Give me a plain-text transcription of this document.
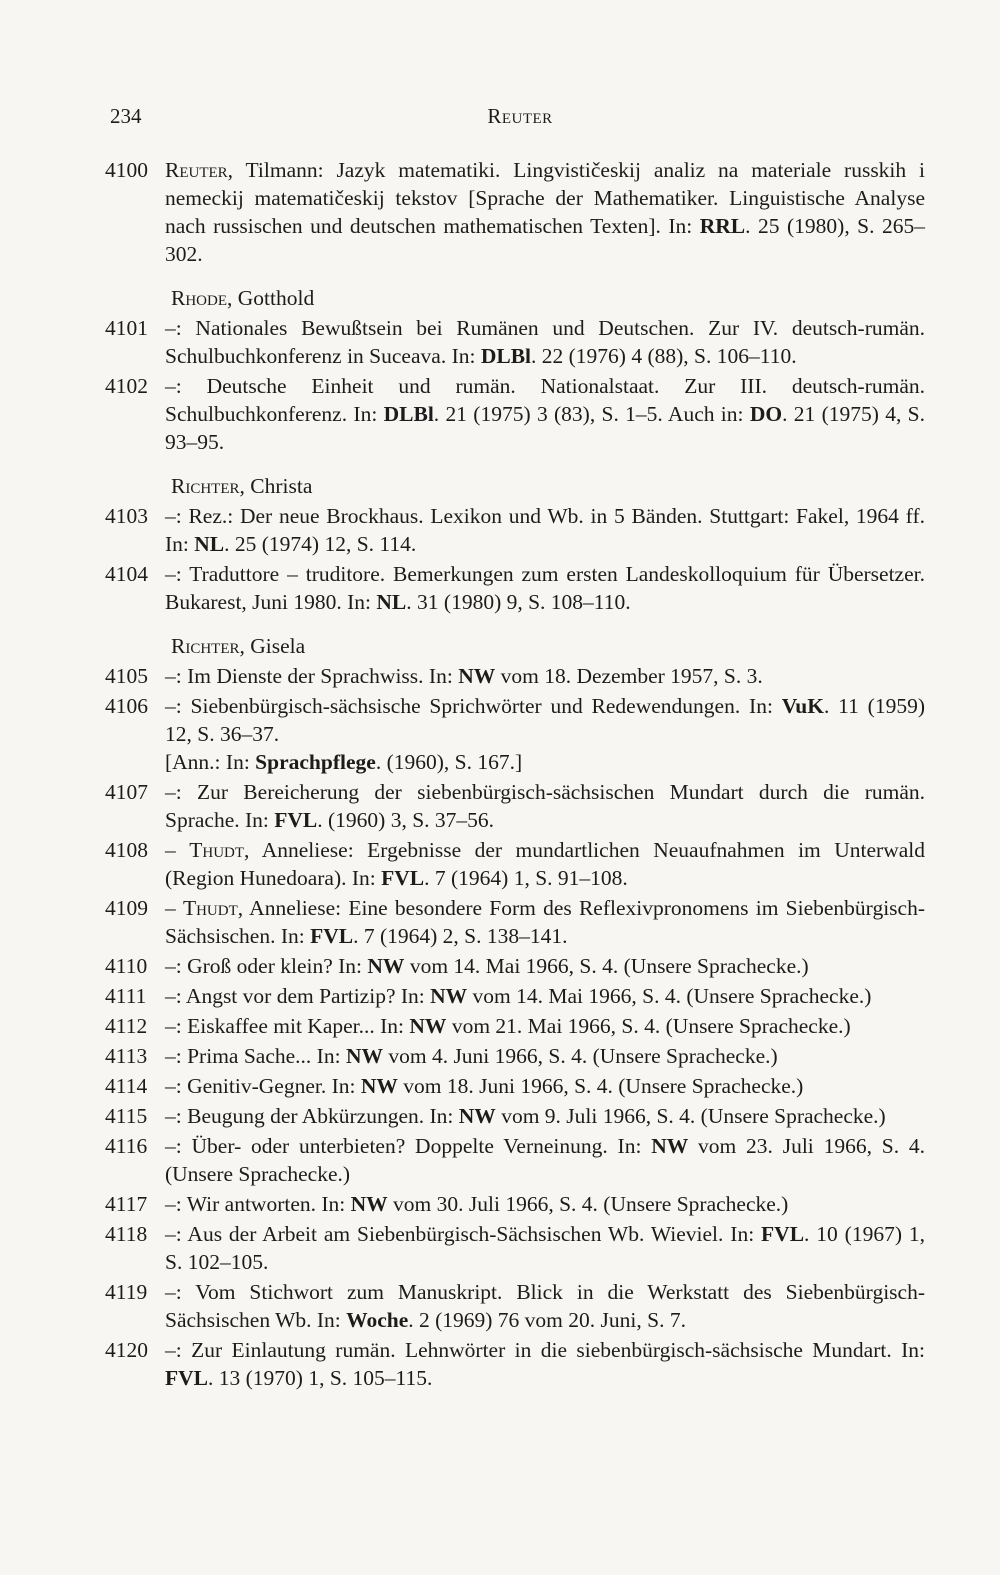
234	Reuter
4100 Reuter, Tilmann: Jazyk matematiki. Lingvističeskij analiz na materiale russkih i nemeckij matematičeskij tekstov [Sprache der Mathematiker. Linguistische Analyse nach russischen und deutschen mathematischen Texten]. In: RRL. 25 (1980), S. 265–302.
Rhode, Gotthold
4101 –: Nationales Bewußtsein bei Rumänen und Deutschen. Zur IV. deutsch-rumän. Schulbuchkonferenz in Suceava. In: DLBl. 22 (1976) 4 (88), S. 106–110.
4102 –: Deutsche Einheit und rumän. Nationalstaat. Zur III. deutsch-rumän. Schulbuchkonferenz. In: DLBl. 21 (1975) 3 (83), S. 1–5. Auch in: DO. 21 (1975) 4, S. 93–95.
Richter, Christa
4103 –: Rez.: Der neue Brockhaus. Lexikon und Wb. in 5 Bänden. Stuttgart: Fakel, 1964 ff. In: NL. 25 (1974) 12, S. 114.
4104 –: Traduttore – truditore. Bemerkungen zum ersten Landeskolloquium für Übersetzer. Bukarest, Juni 1980. In: NL. 31 (1980) 9, S. 108–110.
Richter, Gisela
4105 –: Im Dienste der Sprachwiss. In: NW vom 18. Dezember 1957, S. 3.
4106 –: Siebenbürgisch-sächsische Sprichwörter und Redewendungen. In: VuK. 11 (1959) 12, S. 36–37.
[Ann.: In: Sprachpflege. (1960), S. 167.]
4107 –: Zur Bereicherung der siebenbürgisch-sächsischen Mundart durch die rumän. Sprache. In: FVL. (1960) 3, S. 37–56.
4108 – Thudt, Anneliese: Ergebnisse der mundartlichen Neuaufnahmen im Unterwald (Region Hunedoara). In: FVL. 7 (1964) 1, S. 91–108.
4109 – Thudt, Anneliese: Eine besondere Form des Reflexivpronomens im Siebenbürgisch-Sächsischen. In: FVL. 7 (1964) 2, S. 138–141.
4110 –: Groß oder klein? In: NW vom 14. Mai 1966, S. 4. (Unsere Sprachecke.)
4111 –: Angst vor dem Partizip? In: NW vom 14. Mai 1966, S. 4. (Unsere Sprachecke.)
4112 –: Eiskaffee mit Kaper... In: NW vom 21. Mai 1966, S. 4. (Unsere Sprachecke.)
4113 –: Prima Sache... In: NW vom 4. Juni 1966, S. 4. (Unsere Sprachecke.)
4114 –: Genitiv-Gegner. In: NW vom 18. Juni 1966, S. 4. (Unsere Sprachecke.)
4115 –: Beugung der Abkürzungen. In: NW vom 9. Juli 1966, S. 4. (Unsere Sprachecke.)
4116 –: Über- oder unterbieten? Doppelte Verneinung. In: NW vom 23. Juli 1966, S. 4. (Unsere Sprachecke.)
4117 –: Wir antworten. In: NW vom 30. Juli 1966, S. 4. (Unsere Sprachecke.)
4118 –: Aus der Arbeit am Siebenbürgisch-Sächsischen Wb. Wieviel. In: FVL. 10 (1967) 1, S. 102–105.
4119 –: Vom Stichwort zum Manuskript. Blick in die Werkstatt des Siebenbürgisch-Sächsischen Wb. In: Woche. 2 (1969) 76 vom 20. Juni, S. 7.
4120 –: Zur Einlautung rumän. Lehnwörter in die siebenbürgisch-sächsische Mundart. In: FVL. 13 (1970) 1, S. 105–115.
